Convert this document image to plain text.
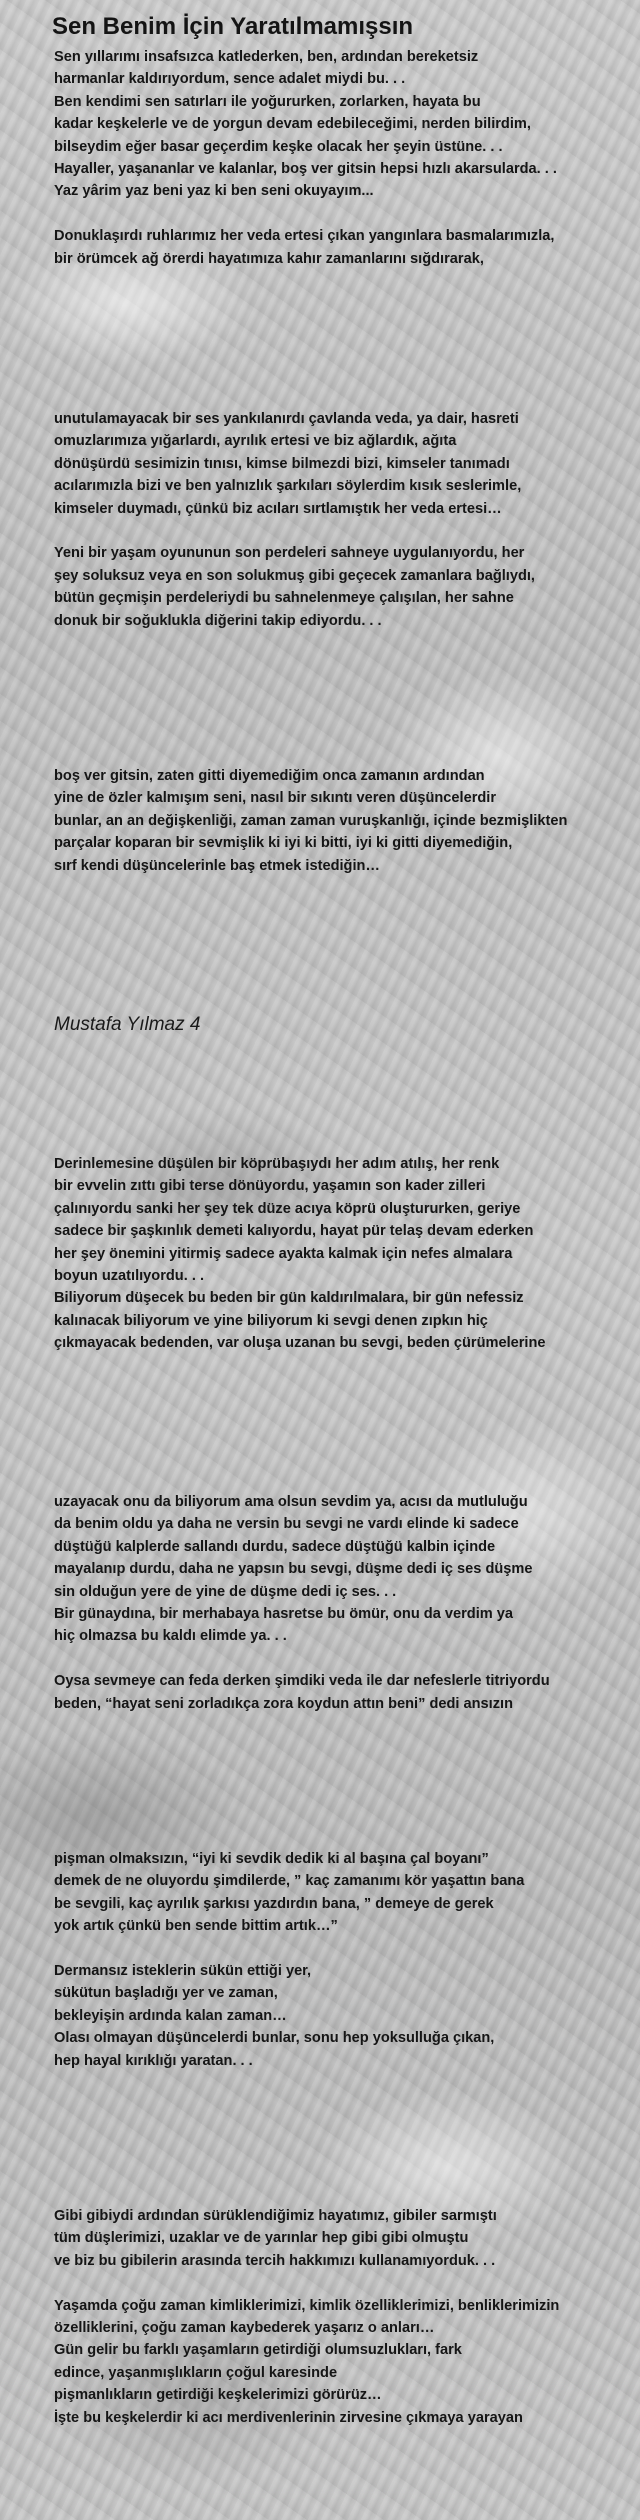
Sen Benim İçin Yaratılmamışsın

Sen yıllarımı insafsızca katlederken, ben, ardından bereketsiz
harmanlar kaldırıyordum, sence adalet miydi bu. . .
Ben kendimi sen satırları ile yoğururken, zorlarken, hayata bu
kadar keşkelerle ve de yorgun devam edebileceğimi, nerden bilirdim,
bilseydim eğer basar geçerdim keşke olacak her şeyin üstüne. . .
Hayaller, yaşananlar ve kalanlar, boş ver gitsin hepsi hızlı akarsularda. . .
Yaz yârim yaz beni yaz ki ben seni okuyayım...

Donuklaşırdı ruhlarımız her veda ertesi çıkan yangınlara basmalarımızla,
bir örümcek ağ örerdi hayatımıza kahır zamanlarını sığdırarak,

unutulamayacak bir ses yankılanırdı çavlanda veda, ya dair, hasreti
omuzlarımıza yığarlardı, ayrılık ertesi ve biz ağlardık, ağıta
dönüşürdü sesimizin tınısı, kimse bilmezdi bizi, kimseler tanımadı
acılarımızla bizi ve ben yalnızlık şarkıları söylerdim kısık seslerimle,
kimseler duymadı, çünkü biz acıları sırtlamıştık her veda ertesi…

Yeni bir yaşam oyununun son perdeleri sahneye uygulanıyordu, her
şey soluksuz veya en son solukmuş gibi geçecek zamanlara bağlıydı,
bütün geçmişin perdeleriydi bu sahnelenmeye çalışılan, her sahne
donuk bir soğuklukla diğerini takip ediyordu. . .

boş ver gitsin, zaten gitti diyemediğim onca zamanın ardından
yine de özler kalmışım seni, nasıl bir sıkıntı veren düşüncelerdir
bunlar, an an değişkenliği, zaman zaman vuruşkanlığı, içinde bezmişlikten
parçalar koparan bir sevmişlik ki iyi ki bitti, iyi ki gitti diyemediğin,
sırf kendi düşüncelerinle baş etmek istediğin…

Mustafa Yılmaz 4

Derinlemesine düşülen bir köprübaşıydı her adım atılış, her renk
bir evvelin zıttı gibi terse dönüyordu, yaşamın son kader zilleri
çalınıyordu sanki her şey tek düze acıya köprü oluştururken, geriye
sadece bir şaşkınlık demeti kalıyordu, hayat pür telaş devam ederken
her şey önemini yitirmiş sadece ayakta kalmak için nefes almalara
boyun uzatılıyordu. . .
Biliyorum düşecek bu beden bir gün kaldırılmalara, bir gün nefessiz
kalınacak biliyorum ve yine biliyorum ki sevgi denen zıpkın hiç
çıkmayacak bedenden, var oluşa uzanan bu sevgi, beden çürümelerine

uzayacak onu da biliyorum ama olsun sevdim ya, acısı da mutluluğu
da benim oldu ya daha ne versin bu sevgi ne vardı elinde ki sadece
düştüğü kalplerde sallandı durdu, sadece düştüğü kalbin içinde
mayalanıp durdu, daha ne yapsın bu sevgi, düşme dedi iç ses düşme
sin olduğun yere de yine de düşme dedi iç ses. . .
Bir günaydına, bir merhabaya hasretse bu ömür, onu da verdim ya
hiç olmazsa bu kaldı elimde ya. . .

Oysa sevmeye can feda derken şimdiki veda ile dar nefeslerle titriyordu
beden, “hayat seni zorladıkça zora koydun attın beni” dedi ansızın

pişman olmaksızın, “iyi ki sevdik dedik ki al başına çal boyanı”
demek de ne oluyordu şimdilerde, ” kaç zamanımı kör yaşattın bana
be sevgili, kaç ayrılık şarkısı yazdırdın bana, ” demeye de gerek
yok artık çünkü ben sende bittim artık…”

Dermansız isteklerin sükün ettiği yer,
sükütun başladığı yer ve zaman,
bekleyişin ardında kalan zaman…
Olası olmayan düşüncelerdi bunlar, sonu hep yoksulluğa çıkan,
hep hayal kırıklığı yaratan. . .

Gibi gibiydi ardından sürüklendiğimiz hayatımız, gibiler sarmıştı
tüm düşlerimizi, uzaklar ve de yarınlar hep gibi gibi olmuştu
ve biz bu gibilerin arasında tercih hakkımızı kullanamıyorduk. . .

Yaşamda çoğu zaman kimliklerimizi, kimlik özelliklerimizi, benliklerimizin
özelliklerini, çoğu zaman kaybederek yaşarız o anları…
Gün gelir bu farklı yaşamların getirdiği olumsuzlukları, fark
edince, yaşanmışlıkların çoğul karesinde
pişmanlıkların getirdiği keşkelerimizi görürüz…
İşte bu keşkelerdir ki acı merdivenlerinin zirvesine çıkmaya yarayan
